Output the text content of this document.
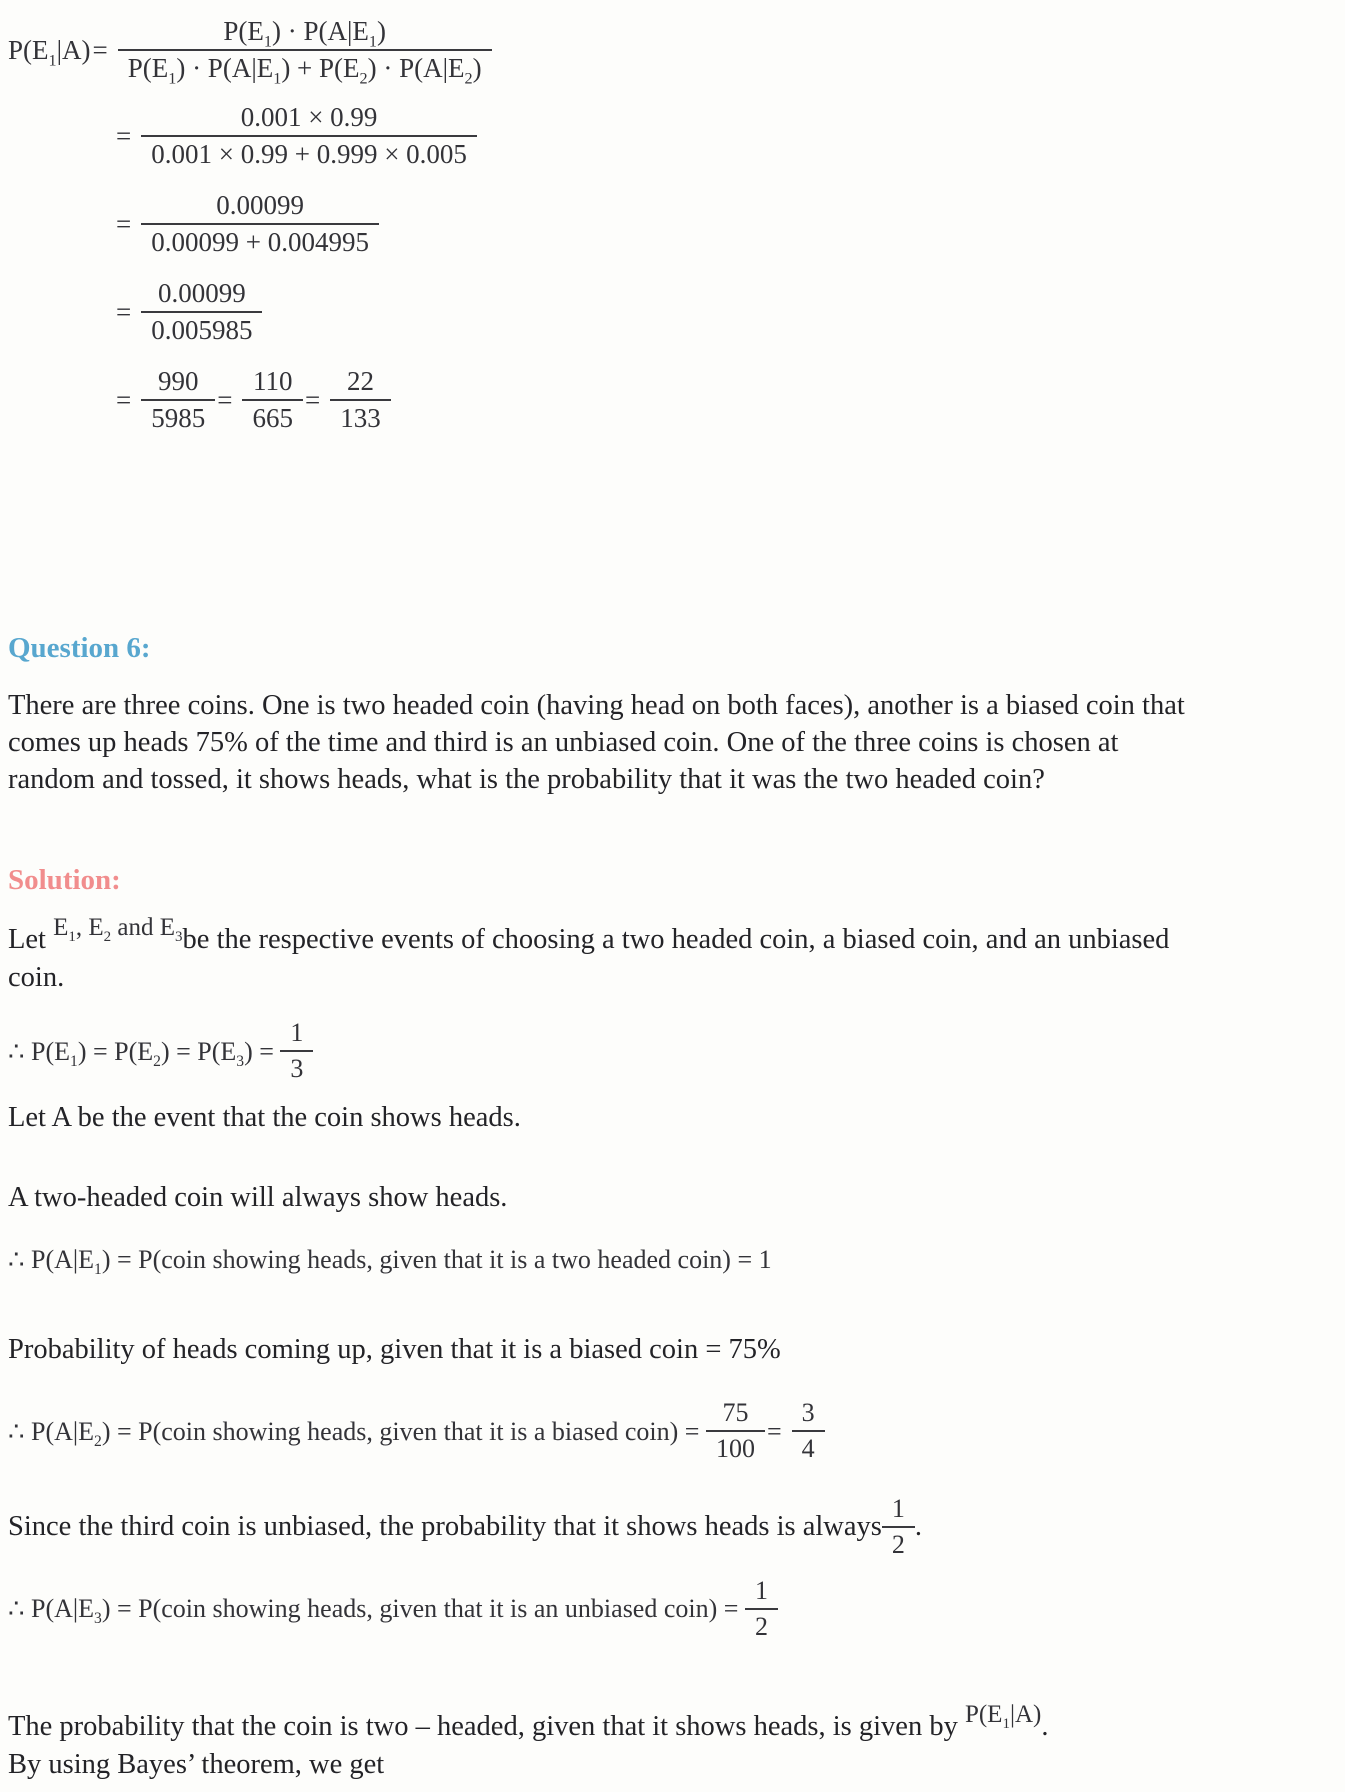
$P(E_1|A) = \frac{P(E_1) \cdot P(A|E_1)}{P(E_1) \cdot P(A|E_1) + P(E_2) \cdot P(A|E_2)}$
= $\frac{0.001 \times 0.99}{0.001 \times 0.99 + 0.999 \times 0.005}$
= $\frac{0.00099}{0.00099 + 0.004995}$
= $\frac{0.00099}{0.005985}$
= $\frac{990}{5985} = \frac{110}{665} = \frac{22}{133}$
Question 6:

There are three coins. One is two headed coin (having head on both faces), another is a biased coin that comes up heads 75% of the time and third is an unbiased coin. One of the three coins is chosen at random and tossed, it shows heads, what is the probability that it was the two headed coin?

Solution:

Let $E_1$, $E_2$ and $E_3be$ the respective events of choosing a two headed coin, a biased coin, and an unbiased coin.

∴ $P(E_1) = P(E_2) = P(E_3) = \frac{1}{3}$

Let A be the event that the coin shows heads.

A two-headed coin will always show heads.

∴ $P(A|E_1)$ = P(coin showing heads, given that it is a two headed coin) = 1

Probability of heads coming up, given that it is a biased coin = 75%

∴ $P(A|E_2)$ = P(coin showing heads, given that it is a biased coin) = $\frac{75}{100} = \frac{3}{4}$
Since the third coin is unbiased, the probability that it shows heads is always $\frac{1}{2}$ .
∴ $P(A|E_3)$ = P(coin showing heads, given that it is an unbiased coin) = $\frac{1}{2}$

The probability that the coin is two – headed, given that it shows heads, is given by $P(E_1|A)$.
By using Bayes’ theorem, we get
